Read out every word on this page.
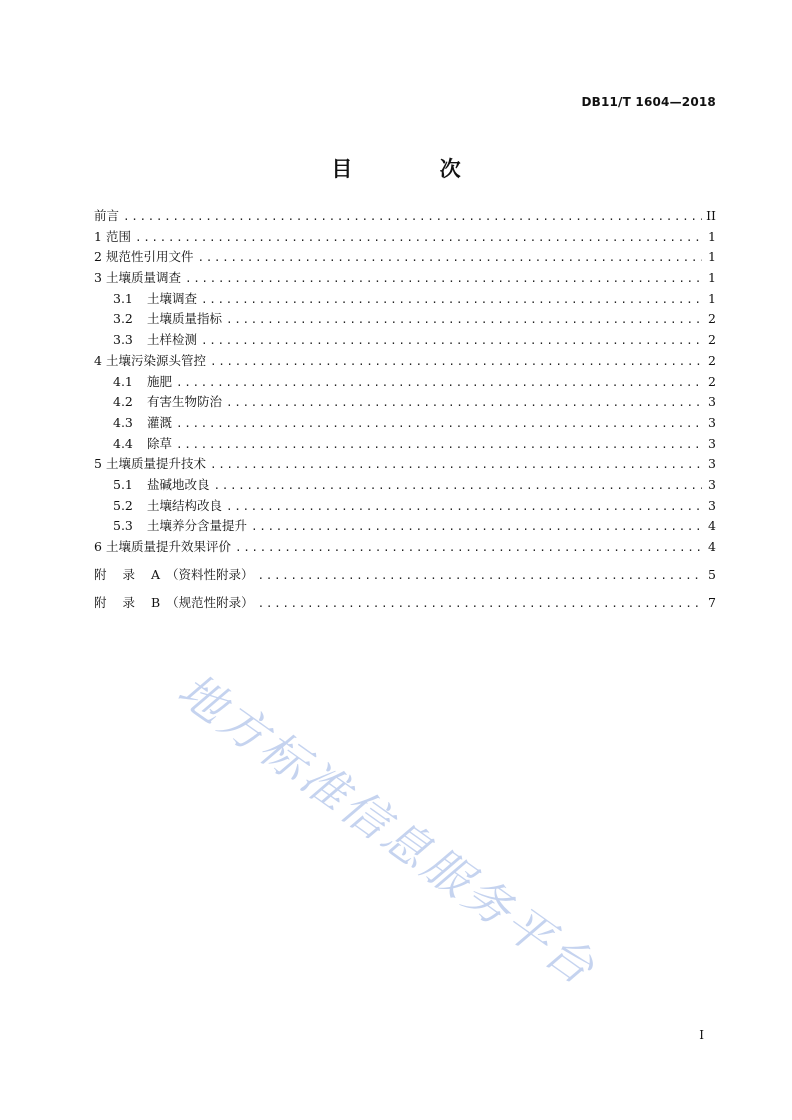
DB11/T 1604—2018
目 次
前言 .....	II
1 范围 .....	1
2 规范性引用文件 .....	1
3 土壤质量调查 .....	1
3.1 土壤调查 .....	1
3.2 土壤质量指标 .....	2
3.3 土样检测 .....	2
4 土壤污染源头管控 .....	2
4.1 施肥 .....	2
4.2 有害生物防治 .....	3
4.3 灌溉 .....	3
4.4 除草 .....	3
5 土壤质量提升技术 .....	3
5.1 盐碱地改良 .....	3
5.2 土壤结构改良 .....	3
5.3 土壤养分含量提升 .....	4
6 土壤质量提升效果评价 .....	4
附 录 A（资料性附录） .....	5
附 录 B（规范性附录） .....	7
地方标准信息服务平台
I
